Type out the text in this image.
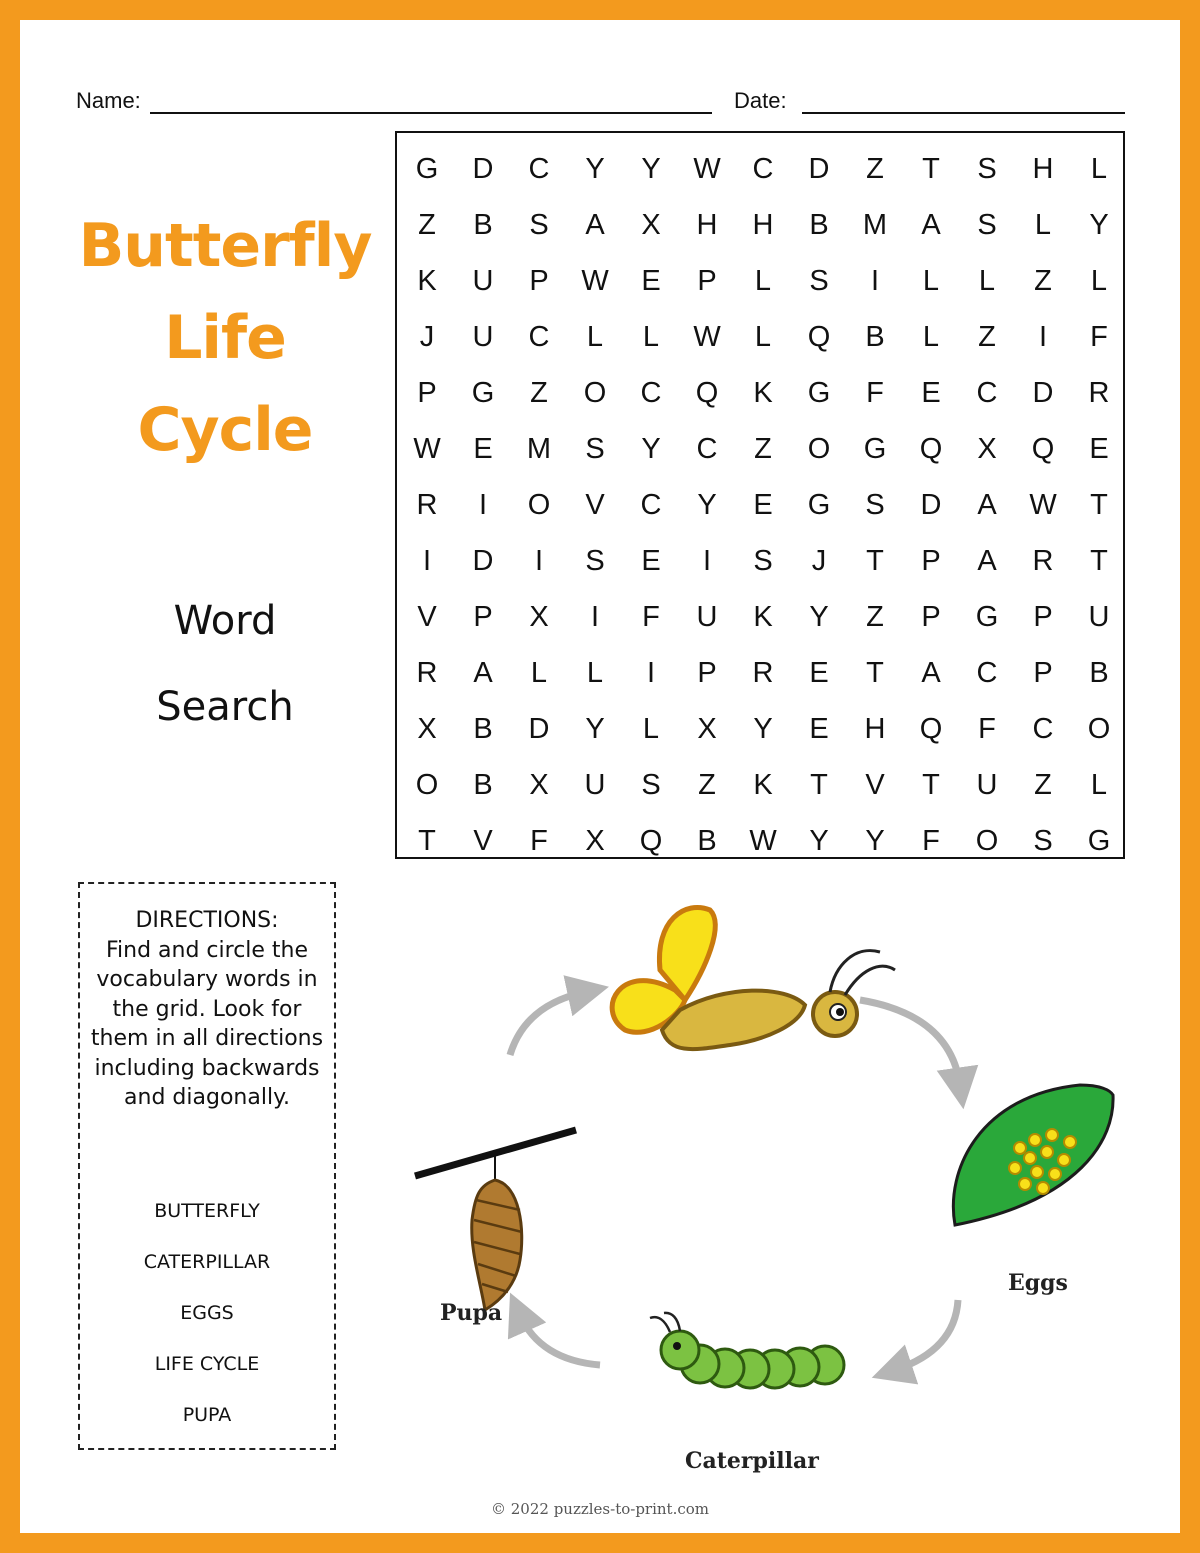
Name:	Date:
Butterfly
Life
Cycle
Word
Search
G	D	C	Y	Y	W	C	D	Z	T	S	H	L
Z	B	S	A	X	H	H	B	M	A	S	L	Y
K	U	P	W	E	P	L	S	I	L	L	Z	L
J	U	C	L	L	W	L	Q	B	L	Z	I	F
P	G	Z	O	C	Q	K	G	F	E	C	D	R
W	E	M	S	Y	C	Z	O	G	Q	X	Q	E
R	I	O	V	C	Y	E	G	S	D	A	W	T
I	D	I	S	E	I	S	J	T	P	A	R	T
V	P	X	I	F	U	K	Y	Z	P	G	P	U
R	A	L	L	I	P	R	E	T	A	C	P	B
X	B	D	Y	L	X	Y	E	H	Q	F	C	O
O	B	X	U	S	Z	K	T	V	T	U	Z	L
T	V	F	X	Q	B	W	Y	Y	F	O	S	G
DIRECTIONS:
Find and circle the vocabulary words in the grid. Look for them in all directions including backwards and diagonally.
BUTTERFLY
CATERPILLAR
EGGS
LIFE CYCLE
PUPA
Eggs
Caterpillar
Pupa
© 2022 puzzles-to-print.com
